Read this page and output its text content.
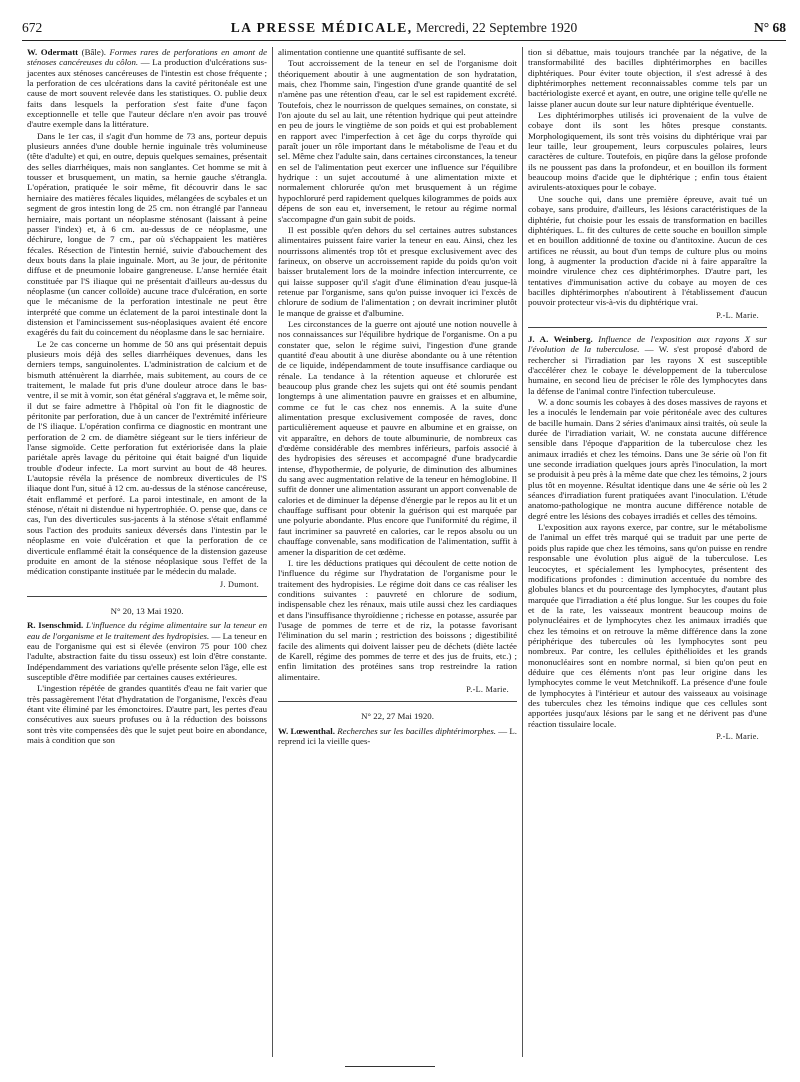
672	LA PRESSE MÉDICALE, Mercredi, 22 Septembre 1920	N° 68

W. Odermatt (Bâle). Formes rares de perforations en amont de sténoses cancéreuses du côlon. — La production d'ulcérations sus-jacentes aux sténoses cancéreuses de l'intestin est chose fréquente ; la perforation de ces ulcérations dans la cavité péritonéale est une cause de mort souvent relevée dans les statistiques. O. publie deux faits dans lesquels la perforation s'est faite d'une façon exceptionnelle et telle que l'auteur déclare n'en avoir pas trouvé d'autre exemple dans la littérature.

Dans le 1er cas, il s'agit d'un homme de 73 ans, porteur depuis plusieurs années d'une double hernie inguinale très volumineuse (tête d'adulte) et qui, en outre, depuis quelques semaines, présentait des selles diarrhéiques, mais non sanglantes. Cet homme se mit à tousser et brusquement, un matin, sa hernie gauche s'étrangla. L'opération, pratiquée le soir même, fit découvrir dans le sac herniaire des matières fécales liquides, mélangées de scybales et un segment de gros intestin long de 25 cm. non étranglé par l'anneau herniaire, mais portant un néoplasme sténosant (laissant à peine passer l'index) et, à 6 cm. au-dessus de ce néoplasme, une déchirure, longue de 7 cm., par où s'échappaient les matières fécales. Résection de l'intestin hernié, suivie d'abouchement des deux bouts dans la plaie inguinale. Mort, au 3e jour, de péritonite diffuse et de pneumonie lobaire gangreneuse. L'anse herniée était constituée par l'S iliaque qui ne présentait d'ailleurs au-dessus du néoplasme (un cancer colloïde) aucune trace d'ulcération, en sorte que le mécanisme de la perforation intestinale ne peut être interprété que comme un éclatement de la paroi intestinale dont la distension et l'amincissement sus-néoplasiques avaient été encore exagérés du fait du coincement du néoplasme dans le sac herniaire.

Le 2e cas concerne un homme de 50 ans qui présentait depuis plusieurs mois déjà des selles diarrhéiques devenues, dans les derniers temps, sanguinolentes. L'administration de calcium et de bismuth atténuèrent la diarrhée, mais subitement, au cours de ce traitement, le malade fut pris d'une douleur atroce dans le bas-ventre, il se mit à vomir, son état général s'aggrava et, le même soir, il dut se faire admettre à l'hôpital où l'on fit le diagnostic de péritonite par perforation, due à un cancer de l'extrémité inférieure de l'S iliaque. L'opération confirma ce diagnostic en montrant une perforation de 2 cm. de diamètre siégeant sur le tiers inférieur de l'anse sigmoïde. Cette perforation fut extériorisée dans la plaie pariétale après lavage du péritoine qui était baigné d'un liquide trouble d'odeur infecte. La mort survint au bout de 48 heures. L'autopsie révéla la présence de nombreux diverticules de l'S iliaque dont l'un, situé à 12 cm. au-dessus de la sténose cancéreuse, était enflammé et perforé. La paroi intestinale, en amont de la sténose, n'était ni distendue ni hypertrophiée. O. pense que, dans ce cas, l'un des diverticules sus-jacents à la sténose s'était enflammé sous l'action des produits sanieux déversés dans l'intestin par le néoplasme en voie d'ulcération et que la perforation de ce diverticule enflammé était la conséquence de la distension gazeuse produite en amont de la sténose néoplasique sous l'effet de la médication constipante instituée par le médecin du malade.

J. Dumont.

N° 20, 13 Mai 1920.

R. Isenschmid. L'influence du régime alimentaire sur la teneur en eau de l'organisme et le traitement des hydropisies. — La teneur en eau de l'organisme qui est si élevée (environ 75 pour 100 chez l'adulte, abstraction faite du tissu osseux) est loin d'être constante. Indépendamment des variations qu'elle présente selon l'âge, elle est susceptible d'être modifiée par certaines causes extérieures.

L'ingestion répétée de grandes quantités d'eau ne fait varier que très passagèrement l'état d'hydratation de l'organisme, l'excès d'eau étant vite éliminé par les émonctoires. D'autre part, les pertes d'eau consécutives aux sueurs profuses ou à la réduction des boissons sont très vite compensées dès que le sujet peut boire en abondance, mais à condition que son

alimentation contienne une quantité suffisante de sel.

Tout accroissement de la teneur en sel de l'organisme doit théoriquement aboutir à une augmentation de son hydratation, mais, chez l'homme sain, l'ingestion d'une grande quantité de sel n'amène pas une rétention d'eau, car le sel est rapidement excrété. Toutefois, chez le nourrisson de quelques semaines, on constate, si l'on ajoute du sel au lait, une rétention hydrique qui peut atteindre en peu de jours le vingtième de son poids et qui est probablement en rapport avec l'imperfection à cet âge du corps thyroïde qui paraît jouer un rôle important dans le métabolisme de l'eau et du sel. Même chez l'adulte sain, dans certaines circonstances, la teneur en sel de l'alimentation peut exercer une influence sur l'équilibre hydrique : un sujet accoutumé à une alimentation mixte et normalement chlorurée qu'on met brusquement à un régime hypochloruré perd rapidement quelques kilogrammes de poids aux dépens de son eau et, inversement, le retour au régime normal s'accompagne d'un gain subit de poids.

Il est possible qu'en dehors du sel certaines autres substances alimentaires puissent faire varier la teneur en eau. Ainsi, chez les nourrissons alimentés trop tôt et presque exclusivement avec des farineux, on observe un accroissement rapide du poids qu'on voit baisser brutalement lors de la moindre infection intercurrente, ce qui laisse supposer qu'il s'agit d'une élimination d'eau jusque-là retenue par l'organisme, sans qu'on puisse invoquer ici l'excès de chlorure de sodium de l'alimentation ; on devrait incriminer plutôt le manque de graisse et d'albumine.

Les circonstances de la guerre ont ajouté une notion nouvelle à nos connaissances sur l'équilibre hydrique de l'organisme. On a pu constater que, selon le régime suivi, l'ingestion d'une grande quantité d'eau aboutit à une diurèse abondante ou à une rétention de ce liquide, indépendamment de toute insuffisance cardiaque ou rénale. La tendance à la rétention aqueuse et chlorurée est beaucoup plus grande chez les sujets qui ont été soumis pendant longtemps à une alimentation pauvre en graisses et en albumine, comme ce fut le cas chez nos ennemis. A la suite d'une alimentation presque exclusivement composée de raves, donc particulièrement aqueuse et pauvre en albumine et en graisse, on vit apparaître, en dehors de toute albuminurie, de nombreux cas d'œdème considérable des membres inférieurs, parfois associé à des hydropisies des séreuses et accompagné d'une bradycardie intense, d'hypothermie, de polyurie, de diminution des albumines du sang avec augmentation relative de la teneur en hémoglobine. Il suffit de donner une alimentation assurant un apport convenable de calories et de diminuer la dépense d'énergie par le repos au lit et un chauffage suffisant pour obtenir la guérison qui est marquée par une polyurie abondante. Plus encore que l'uniformité du régime, il faut incriminer sa pauvreté en calories, car le repos absolu ou un chauffage convenable, sans modification de l'alimentation, suffit à amener la disparition de cet œdème.

I. tire les déductions pratiques qui découlent de cette notion de l'influence du régime sur l'hydratation de l'organisme pour le traitement des hydropisies. Le régime doit dans ce cas réaliser les conditions suivantes : pauvreté en chlorure de sodium, indispensable chez les rénaux, mais utile aussi chez les cardiaques et dans l'insuffisance thyroïdienne ; richesse en potasse, assurée par l'usage de pommes de terre et de riz, la potasse favorisant l'élimination du sel marin ; restriction des boissons ; digestibilité facile des aliments qui doivent laisser peu de déchets (diète lactée de Karell, régime des pommes de terre et des jus de fruits, etc.) ; enfin limitation des protéines sans trop restreindre la ration alimentaire.

P.-L. Marie.

N° 22, 27 Mai 1920.

W. Lœwenthal. Recherches sur les bacilles diphtérimorphes. — L. reprend ici la vieille ques-

tion si débattue, mais toujours tranchée par la négative, de la transformabilité des bacilles diphtérimorphes en bacilles diphtériques. Pour éviter toute objection, il s'est adressé à des diphtérimorphes nettement reconnaissables comme tels par un bactériologiste exercé et ayant, en outre, une origine telle qu'elle ne laisse planer aucun doute sur leur nature diphtérique éventuelle.

Les diphtérimorphes utilisés ici provenaient de la vulve de cobaye dont ils sont les hôtes presque constants. Morphologiquement, ils sont très voisins du diphtérique vrai par leur taille, leur groupement, leurs corpuscules polaires, leurs caractères de culture. Toutefois, en piqûre dans la gélose profonde ils ne poussent pas dans la profondeur, et en bouillon ils forment beaucoup moins d'acide que le diphtérique ; enfin tous étaient avirulents-atoxiques pour le cobaye.

Une souche qui, dans une première épreuve, avait tué un cobaye, sans produire, d'ailleurs, les lésions caractéristiques de la diphtérie, fut choisie pour les essais de transformation en bacilles diphtériques. L. fit des cultures de cette souche en bouillon simple et en bouillon additionné de toxine ou d'antitoxine. Aucun de ces artifices ne réussit, au bout d'un temps de culture plus ou moins long, à augmenter la production d'acide ni à faire apparaître la moindre virulence chez ces diphtérimorphes. D'autre part, les tentatives d'immunisation active du cobaye au moyen de ces bacilles diphtérimorphes n'aboutirent à l'établissement d'aucun pouvoir protecteur vis-à-vis du diphtérique vrai.

P.-L. Marie.

J. A. Weinberg. Influence de l'exposition aux rayons X sur l'évolution de la tuberculose. — W. s'est proposé d'abord de rechercher si l'irradiation par les rayons X est susceptible d'accélérer chez le cobaye le développement de la tuberculose humaine, en second lieu de préciser le rôle des lymphocytes dans la défense de l'animal contre l'infection tuberculeuse.

W. a donc soumis les cobayes à des doses massives de rayons et les a inoculés le lendemain par voie péritonéale avec des cultures de bacille humain. Dans 2 séries d'animaux ainsi traités, où seule la durée de l'irradiation variait, W. ne constata aucune différence sensible dans l'époque d'apparition de la tuberculose chez les animaux irradiés et chez les témoins. Dans une 3e série où l'on fit une seconde irradiation quelques jours après l'inoculation, la mort se produisit à peu près à la même date que chez les témoins, 2 jours plus tôt en moyenne. Résultat identique dans une 4e série où les 2 séances d'irradiation furent pratiquées avant l'inoculation. L'étude anatomo-pathologique ne montra aucune différence notable de degré entre les lésions des cobayes irradiés et celles des témoins.

L'exposition aux rayons exerce, par contre, sur le métabolisme de l'animal un effet très marqué qui se traduit par une perte de poids plus rapide que chez les témoins, sans qu'on puisse en rendre responsable une évolution plus aiguë de la tuberculose. Les leucocytes, et spécialement les lymphocytes, présentent des modifications profondes : diminution accentuée du nombre des globules blancs et du pourcentage des lymphocytes, d'autant plus marquée que l'irradiation a été plus longue. Sur les coupes du foie et de la rate, les vaisseaux montrent beaucoup moins de polynucléaires et de lymphocytes chez les animaux irradiés que chez les témoins et on retrouve la même différence dans la zone périphérique des tubercules où les lymphocytes sont peu nombreux. Par contre, les cellules épithélioïdes et les grands mononucléaires sont en nombre normal, si bien qu'on peut en déduire que ces éléments n'ont pas leur origine dans les lymphocytes comme le veut Metchnikoff. La présence d'une foule de lymphocytes à l'intérieur et autour des vaisseaux au voisinage des tubercules chez les témoins indique que ces cellules sont apportées jusqu'aux lésions par le sang et ne dérivent pas d'une réaction tissulaire locale.

P.-L. Marie.
